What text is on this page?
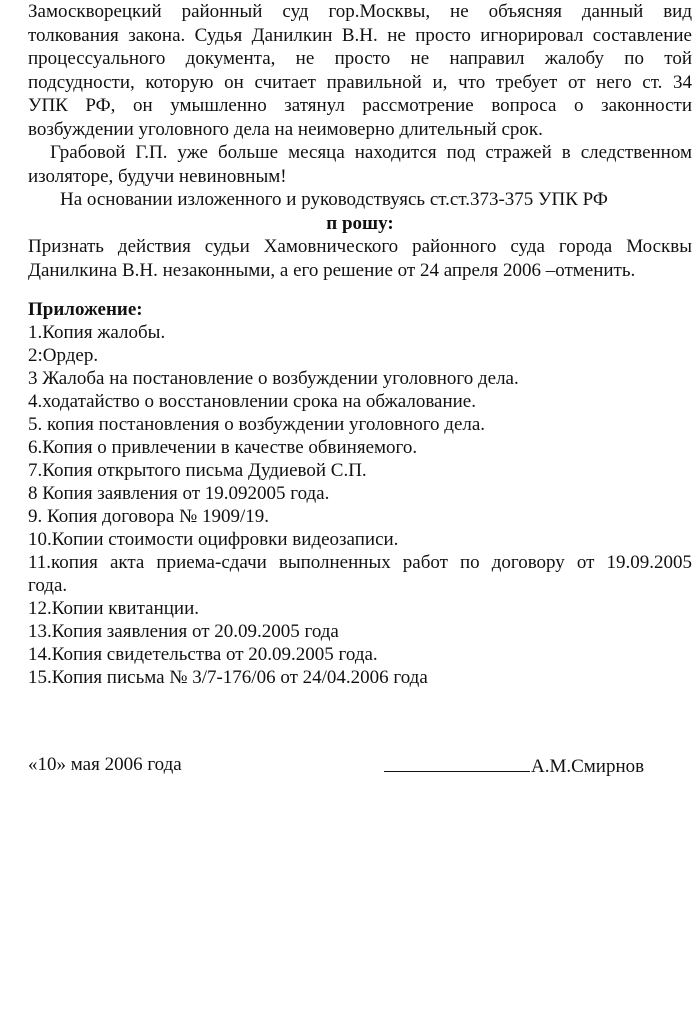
Замоскворецкий районный суд гор.Москвы, не объясняя данный вид
толкования закона. Судья Данилкин В.Н. не просто игнорировал составление
процессуального документа, не просто не направил жалобу по той
подсудности, которую он считает правильной и, что требует от него ст. 34
УПК РФ, он умышленно затянул рассмотрение вопроса о законности
возбуждении уголовного дела на неимоверно длительный срок.
Грабовой Г.П. уже больше месяца находится под стражей в следственном
изоляторе, будучи невиновным!
На основании изложенного и руководствуясь ст.ст.373-375 УПК РФ
п рошу:
Признать действия судьи Хамовнического районного суда города Москвы
Данилкина В.Н. незаконными, а его решение от 24 апреля 2006 –отменить.
Приложение:
1.Копия жалобы.
2:Ордер.
3 Жалоба на постановление о возбуждении уголовного дела.
4.ходатайство о восстановлении срока на обжалование.
5. копия постановления о возбуждении уголовного дела.
6.Копия о привлечении в качестве обвиняемого.
7.Копия открытого письма Дудиевой С.П.
8 Копия заявления от 19.092005 года.
9. Копия договора № 1909/19.
10.Копии стоимости оцифровки видеозаписи.
11.копия акта приема-сдачи выполненных работ по договору от 19.09.2005
года.
12.Копии квитанции.
13.Копия заявления от 20.09.2005 года
14.Копия свидетельства от 20.09.2005 года.
15.Копия письма № 3/7-176/06 от 24/04.2006 года
«10» мая 2006 года	А.М.Смирнов
